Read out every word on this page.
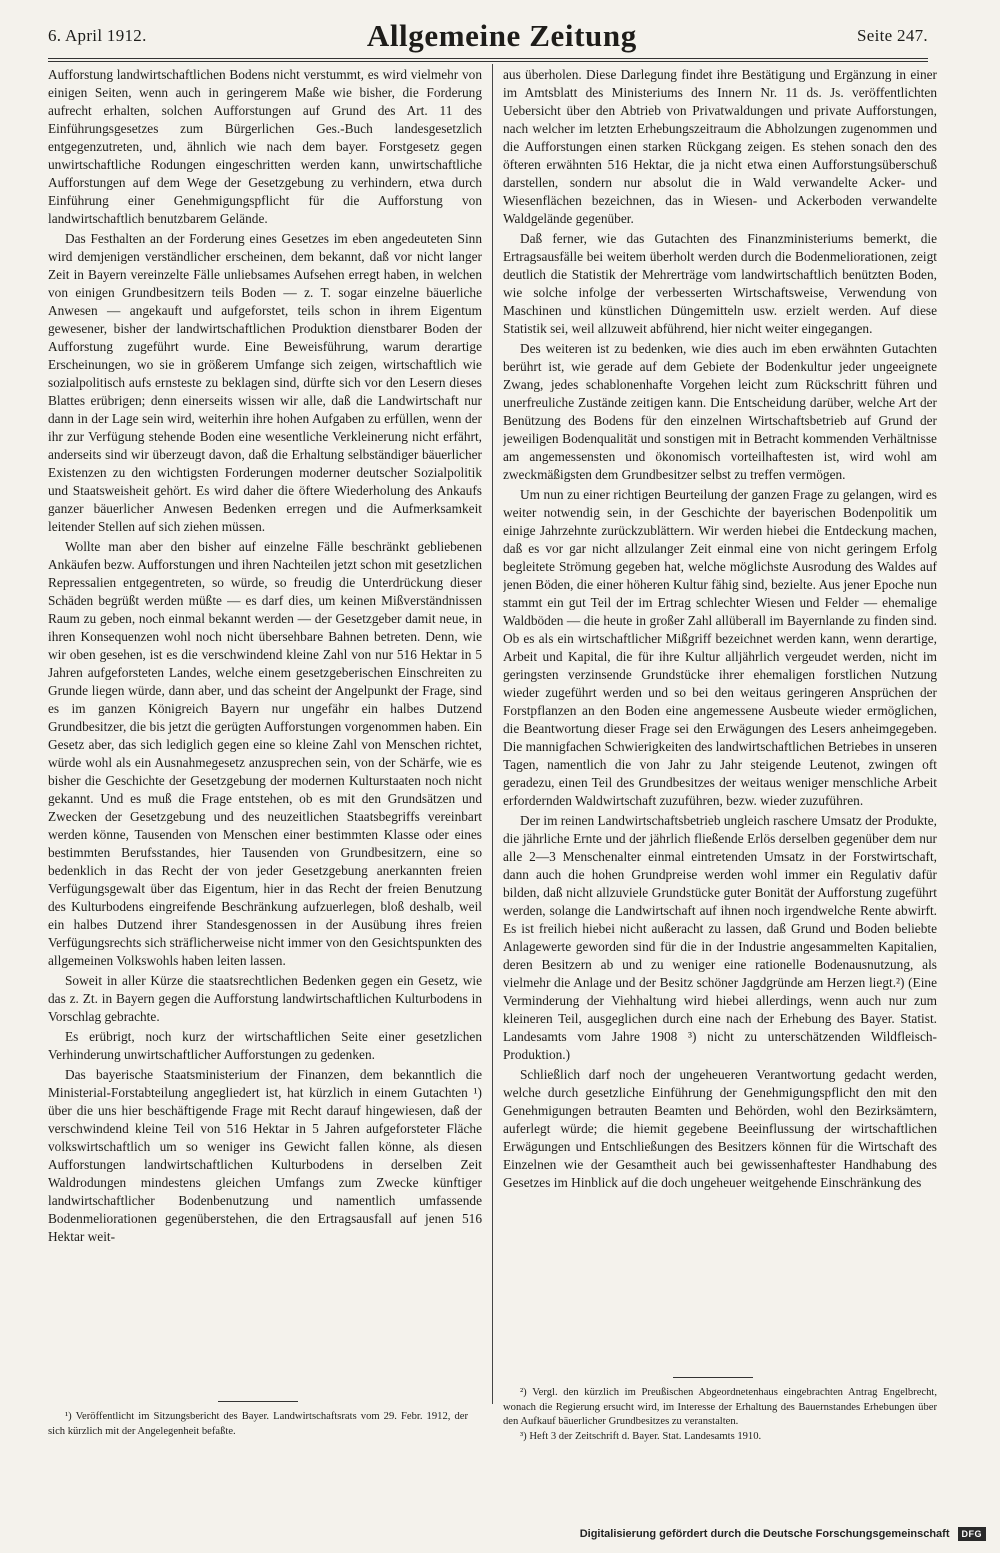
6. April 1912.	Allgemeine Zeitung	Seite 247.

Aufforstung landwirtschaftlichen Bodens nicht verstummt, es wird vielmehr von einigen Seiten, wenn auch in geringerem Maße wie bisher, die Forderung aufrecht erhalten, solchen Aufforstungen auf Grund des Art. 11 des Einführungsgesetzes zum Bürgerlichen Ges.-Buch landesgesetzlich entgegenzutreten, und, ähnlich wie nach dem bayer. Forstgesetz gegen unwirtschaftliche Rodungen eingeschritten werden kann, unwirtschaftliche Aufforstungen auf dem Wege der Gesetzgebung zu verhindern, etwa durch Einführung einer Genehmigungspflicht für die Aufforstung von landwirtschaftlich benutzbarem Gelände.

Das Festhalten an der Forderung eines Gesetzes im eben angedeuteten Sinn wird demjenigen verständlicher erscheinen, dem bekannt, daß vor nicht langer Zeit in Bayern vereinzelte Fälle unliebsames Aufsehen erregt haben, in welchen von einigen Grundbesitzern teils Boden — z. T. sogar einzelne bäuerliche Anwesen — angekauft und aufgeforstet, teils schon in ihrem Eigentum gewesener, bisher der landwirtschaftlichen Produktion dienstbarer Boden der Aufforstung zugeführt wurde. Eine Beweisführung, warum derartige Erscheinungen, wo sie in größerem Umfange sich zeigen, wirtschaftlich wie sozialpolitisch aufs ernsteste zu beklagen sind, dürfte sich vor den Lesern dieses Blattes erübrigen; denn einerseits wissen wir alle, daß die Landwirtschaft nur dann in der Lage sein wird, weiterhin ihre hohen Aufgaben zu erfüllen, wenn der ihr zur Verfügung stehende Boden eine wesentliche Verkleinerung nicht erfährt, anderseits sind wir überzeugt davon, daß die Erhaltung selbständiger bäuerlicher Existenzen zu den wichtigsten Forderungen moderner deutscher Sozialpolitik und Staatsweisheit gehört. Es wird daher die öftere Wiederholung des Ankaufs ganzer bäuerlicher Anwesen Bedenken erregen und die Aufmerksamkeit leitender Stellen auf sich ziehen müssen.

Wollte man aber den bisher auf einzelne Fälle beschränkt gebliebenen Ankäufen bezw. Aufforstungen und ihren Nachteilen jetzt schon mit gesetzlichen Repressalien entgegentreten, so würde, so freudig die Unterdrückung dieser Schäden begrüßt werden müßte — es darf dies, um keinen Mißverständnissen Raum zu geben, noch einmal bekannt werden — der Gesetzgeber damit neue, in ihren Konsequenzen wohl noch nicht übersehbare Bahnen betreten. Denn, wie wir oben gesehen, ist es die verschwindend kleine Zahl von nur 516 Hektar in 5 Jahren aufgeforsteten Landes, welche einem gesetzgeberischen Einschreiten zu Grunde liegen würde, dann aber, und das scheint der Angelpunkt der Frage, sind es im ganzen Königreich Bayern nur ungefähr ein halbes Dutzend Grundbesitzer, die bis jetzt die gerügten Aufforstungen vorgenommen haben. Ein Gesetz aber, das sich lediglich gegen eine so kleine Zahl von Menschen richtet, würde wohl als ein Ausnahmegesetz anzusprechen sein, von der Schärfe, wie es bisher die Geschichte der Gesetzgebung der modernen Kulturstaaten noch nicht gekannt. Und es muß die Frage entstehen, ob es mit den Grundsätzen und Zwecken der Gesetzgebung und des neuzeitlichen Staatsbegriffs vereinbart werden könne, Tausenden von Menschen einer bestimmten Klasse oder eines bestimmten Berufsstandes, hier Tausenden von Grundbesitzern, eine so bedenklich in das Recht der von jeder Gesetzgebung anerkannten freien Verfügungsgewalt über das Eigentum, hier in das Recht der freien Benutzung des Kulturbodens eingreifende Beschränkung aufzuerlegen, bloß deshalb, weil ein halbes Dutzend ihrer Standesgenossen in der Ausübung ihres freien Verfügungsrechts sich sträflicherweise nicht immer von den Gesichtspunkten des allgemeinen Volkswohls haben leiten lassen.

Soweit in aller Kürze die staatsrechtlichen Bedenken gegen ein Gesetz, wie das z. Zt. in Bayern gegen die Aufforstung landwirtschaftlichen Kulturbodens in Vorschlag gebrachte.

Es erübrigt, noch kurz der wirtschaftlichen Seite einer gesetzlichen Verhinderung unwirtschaftlicher Aufforstungen zu gedenken.

Das bayerische Staatsministerium der Finanzen, dem bekanntlich die Ministerial-Forstabteilung angegliedert ist, hat kürzlich in einem Gutachten ¹) über die uns hier beschäftigende Frage mit Recht darauf hingewiesen, daß der verschwindend kleine Teil von 516 Hektar in 5 Jahren aufgeforsteter Fläche volkswirtschaftlich um so weniger ins Gewicht fallen könne, als diesen Aufforstungen landwirtschaftlichen Kulturbodens in derselben Zeit Waldrodungen mindestens gleichen Umfangs zum Zwecke künftiger landwirtschaftlicher Bodenbenutzung und namentlich umfassende Bodenmeliorationen gegenüberstehen, die den Ertragsausfall auf jenen 516 Hektar weit-

aus überholen. Diese Darlegung findet ihre Bestätigung und Ergänzung in einer im Amtsblatt des Ministeriums des Innern Nr. 11 ds. Js. veröffentlichten Uebersicht über den Abtrieb von Privatwaldungen und private Aufforstungen, nach welcher im letzten Erhebungszeitraum die Abholzungen zugenommen und die Aufforstungen einen starken Rückgang zeigen. Es stehen sonach den des öfteren erwähnten 516 Hektar, die ja nicht etwa einen Aufforstungsüberschuß darstellen, sondern nur absolut die in Wald verwandelte Acker- und Wiesenflächen bezeichnen, das in Wiesen- und Ackerboden verwandelte Waldgelände gegenüber.

Daß ferner, wie das Gutachten des Finanzministeriums bemerkt, die Ertragsausfälle bei weitem überholt werden durch die Bodenmeliorationen, zeigt deutlich die Statistik der Mehrerträge vom landwirtschaftlich benützten Boden, wie solche infolge der verbesserten Wirtschaftsweise, Verwendung von Maschinen und künstlichen Düngemitteln usw. erzielt werden. Auf diese Statistik sei, weil allzuweit abführend, hier nicht weiter eingegangen.

Des weiteren ist zu bedenken, wie dies auch im eben erwähnten Gutachten berührt ist, wie gerade auf dem Gebiete der Bodenkultur jeder ungeeignete Zwang, jedes schablonenhafte Vorgehen leicht zum Rückschritt führen und unerfreuliche Zustände zeitigen kann. Die Entscheidung darüber, welche Art der Benützung des Bodens für den einzelnen Wirtschaftsbetrieb auf Grund der jeweiligen Bodenqualität und sonstigen mit in Betracht kommenden Verhältnisse am angemessensten und ökonomisch vorteilhaftesten ist, wird wohl am zweckmäßigsten dem Grundbesitzer selbst zu treffen vermögen.

Um nun zu einer richtigen Beurteilung der ganzen Frage zu gelangen, wird es weiter notwendig sein, in der Geschichte der bayerischen Bodenpolitik um einige Jahrzehnte zurückzublättern. Wir werden hiebei die Entdeckung machen, daß es vor gar nicht allzulanger Zeit einmal eine von nicht geringem Erfolg begleitete Strömung gegeben hat, welche möglichste Ausrodung des Waldes auf jenen Böden, die einer höheren Kultur fähig sind, bezielte. Aus jener Epoche nun stammt ein gut Teil der im Ertrag schlechter Wiesen und Felder — ehemalige Waldböden — die heute in großer Zahl allüberall im Bayernlande zu finden sind. Ob es als ein wirtschaftlicher Mißgriff bezeichnet werden kann, wenn derartige, Arbeit und Kapital, die für ihre Kultur alljährlich vergeudet werden, nicht im geringsten verzinsende Grundstücke ihrer ehemaligen forstlichen Nutzung wieder zugeführt werden und so bei den weitaus geringeren Ansprüchen der Forstpflanzen an den Boden eine angemessene Ausbeute wieder ermöglichen, die Beantwortung dieser Frage sei den Erwägungen des Lesers anheimgegeben. Die mannigfachen Schwierigkeiten des landwirtschaftlichen Betriebes in unseren Tagen, namentlich die von Jahr zu Jahr steigende Leutenot, zwingen oft geradezu, einen Teil des Grundbesitzes der weitaus weniger menschliche Arbeit erfordernden Waldwirtschaft zuzuführen, bezw. wieder zuzuführen.

Der im reinen Landwirtschaftsbetrieb ungleich raschere Umsatz der Produkte, die jährliche Ernte und der jährlich fließende Erlös derselben gegenüber dem nur alle 2—3 Menschenalter einmal eintretenden Umsatz in der Forstwirtschaft, dann auch die hohen Grundpreise werden wohl immer ein Regulativ dafür bilden, daß nicht allzuviele Grundstücke guter Bonität der Aufforstung zugeführt werden, solange die Landwirtschaft auf ihnen noch irgendwelche Rente abwirft. Es ist freilich hiebei nicht außeracht zu lassen, daß Grund und Boden beliebte Anlagewerte geworden sind für die in der Industrie angesammelten Kapitalien, deren Besitzern ab und zu weniger eine rationelle Bodenausnutzung, als vielmehr die Anlage und der Besitz schöner Jagdgründe am Herzen liegt.²) (Eine Verminderung der Viehhaltung wird hiebei allerdings, wenn auch nur zum kleineren Teil, ausgeglichen durch eine nach der Erhebung des Bayer. Statist. Landesamts vom Jahre 1908 ³) nicht zu unterschätzenden Wildfleisch-Produktion.)

Schließlich darf noch der ungeheueren Verantwortung gedacht werden, welche durch gesetzliche Einführung der Genehmigungspflicht den mit den Genehmigungen betrauten Beamten und Behörden, wohl den Bezirksämtern, auferlegt würde; die hiemit gegebene Beeinflussung der wirtschaftlichen Erwägungen und Entschließungen des Besitzers können für die Wirtschaft des Einzelnen wie der Gesamtheit auch bei gewissenhaftester Handhabung des Gesetzes im Hinblick auf die doch ungeheuer weitgehende Einschränkung des

¹) Veröffentlicht im Sitzungsbericht des Bayer. Landwirtschaftsrats vom 29. Febr. 1912, der sich kürzlich mit der Angelegenheit befaßte.

²) Vergl. den kürzlich im Preußischen Abgeordnetenhaus eingebrachten Antrag Engelbrecht, wonach die Regierung ersucht wird, im Interesse der Erhaltung des Bauernstandes Erhebungen über den Aufkauf bäuerlicher Grundbesitzes zu veranstalten.

³) Heft 3 der Zeitschrift d. Bayer. Stat. Landesamts 1910.

Digitalisierung gefördert durch die Deutsche Forschungsgemeinschaft	DFG
